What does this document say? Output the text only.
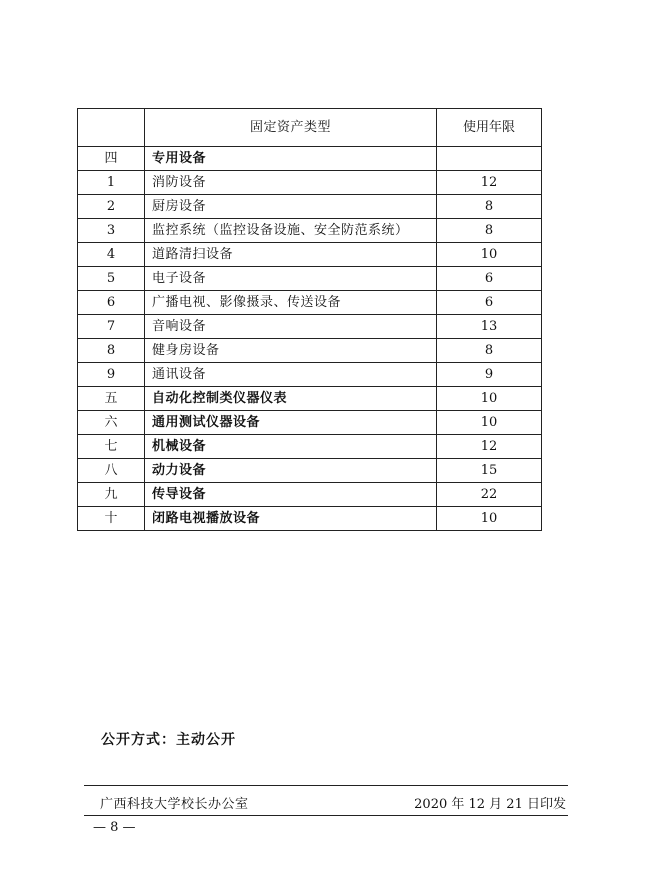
	固定资产类型	使用年限
四	专用设备	
1	消防设备	12
2	厨房设备	8
3	监控系统（监控设备设施、安全防范系统）	8
4	道路清扫设备	10
5	电子设备	6
6	广播电视、影像摄录、传送设备	6
7	音响设备	13
8	健身房设备	8
9	通讯设备	9
五	自动化控制类仪器仪表	10
六	通用测试仪器设备	10
七	机械设备	12
八	动力设备	15
九	传导设备	22
十	闭路电视播放设备	10
公开方式：主动公开
广西科技大学校长办公室	2020 年 12 月 21 日印发
— 8 —
